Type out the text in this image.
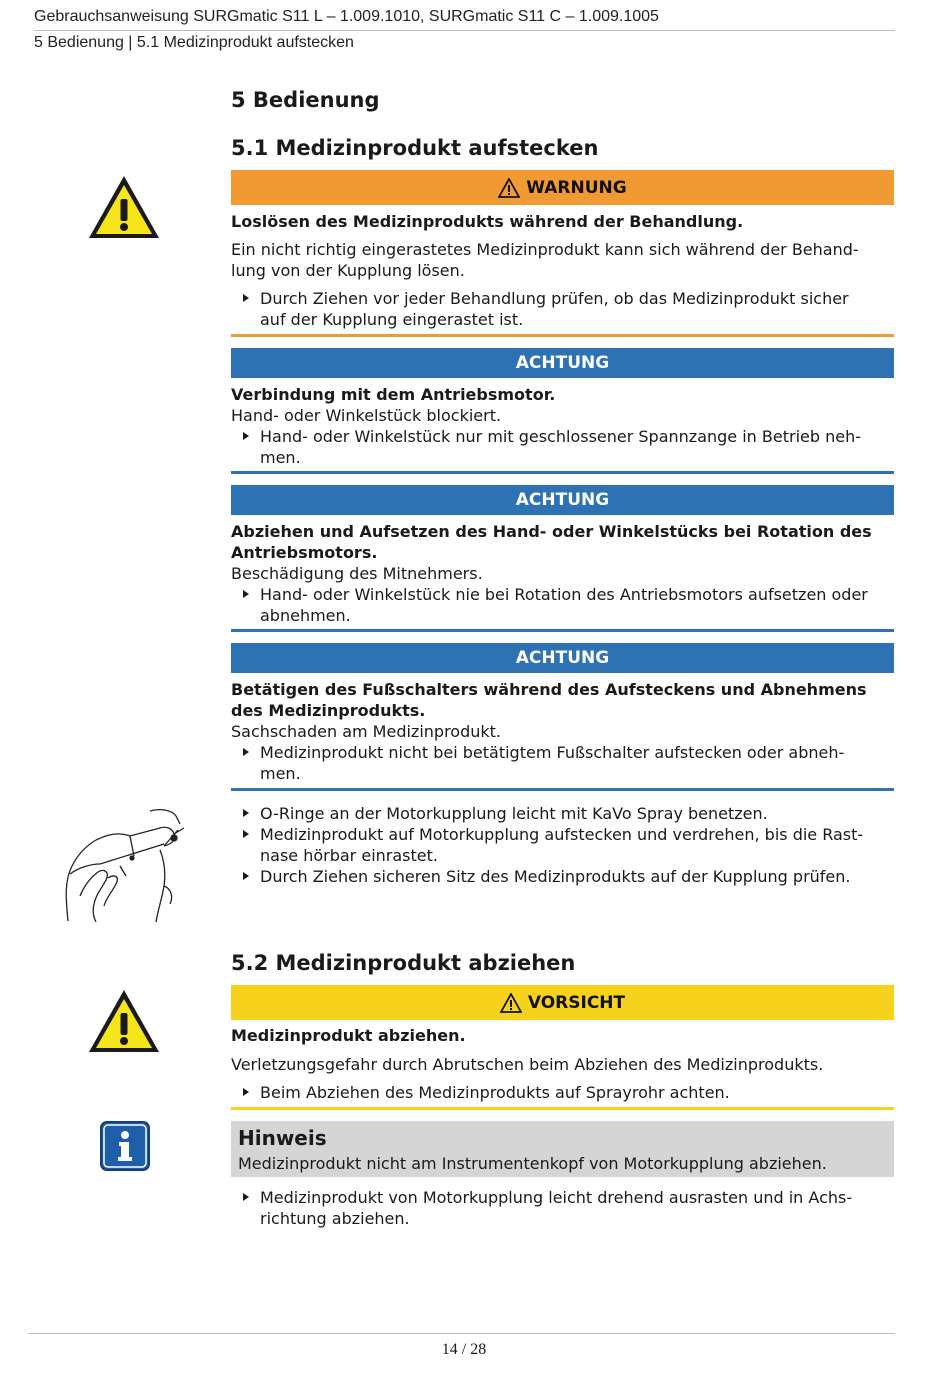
Gebrauchsanweisung SURGmatic S11 L – 1.009.1010, SURGmatic S11 C – 1.009.1005
5 Bedienung | 5.1 Medizinprodukt aufstecken
5 Bedienung
5.1 Medizinprodukt aufstecken
WARNUNG
Loslösen des Medizinprodukts während der Behandlung.
Ein nicht richtig eingerastetes Medizinprodukt kann sich während der Behand-
lung von der Kupplung lösen.
Durch Ziehen vor jeder Behandlung prüfen, ob das Medizinprodukt sicher
auf der Kupplung eingerastet ist.
ACHTUNG
Verbindung mit dem Antriebsmotor.
Hand- oder Winkelstück blockiert.
Hand- oder Winkelstück nur mit geschlossener Spannzange in Betrieb neh-
men.
ACHTUNG
Abziehen und Aufsetzen des Hand- oder Winkelstücks bei Rotation des
Antriebsmotors.
Beschädigung des Mitnehmers.
Hand- oder Winkelstück nie bei Rotation des Antriebsmotors aufsetzen oder
abnehmen.
ACHTUNG
Betätigen des Fußschalters während des Aufsteckens und Abnehmens
des Medizinprodukts.
Sachschaden am Medizinprodukt.
Medizinprodukt nicht bei betätigtem Fußschalter aufstecken oder abneh-
men.
O-Ringe an der Motorkupplung leicht mit KaVo Spray benetzen.
Medizinprodukt auf Motorkupplung aufstecken und verdrehen, bis die Rast-
nase hörbar einrastet.
Durch Ziehen sicheren Sitz des Medizinprodukts auf der Kupplung prüfen.
5.2 Medizinprodukt abziehen
VORSICHT
Medizinprodukt abziehen.
Verletzungsgefahr durch Abrutschen beim Abziehen des Medizinprodukts.
Beim Abziehen des Medizinprodukts auf Sprayrohr achten.
Hinweis
Medizinprodukt nicht am Instrumentenkopf von Motorkupplung abziehen.
Medizinprodukt von Motorkupplung leicht drehend ausrasten und in Achs-
richtung abziehen.
14 / 28
